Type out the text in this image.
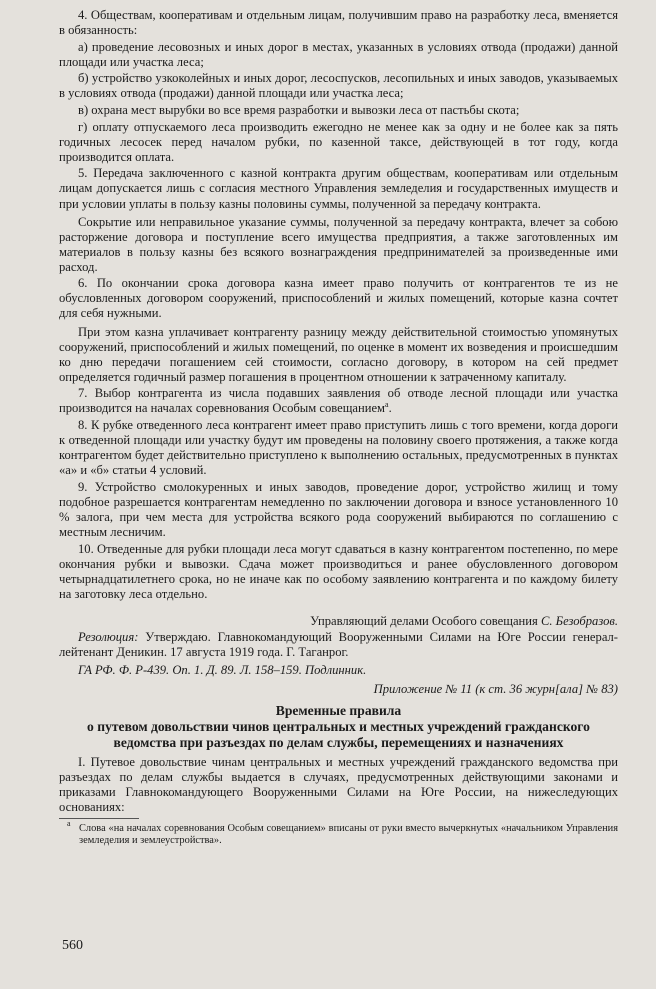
4. Обществам, кооперативам и отдельным лицам, получившим право на разработку леса, вменяется в обязанность:

а) проведение лесовозных и иных дорог в местах, указанных в условиях отвода (продажи) данной площади или участка леса;

б) устройство узкоколейных и иных дорог, лесоспусков, лесопильных и иных заводов, указываемых в условиях отвода (продажи) данной площади или участка леса;

в) охрана мест вырубки во все время разработки и вывозки леса от пастьбы скота;

г) оплату отпускаемого леса производить ежегодно не менее как за одну и не более как за пять годичных лесосек перед началом рубки, по казенной таксе, действующей в тот году, когда производится оплата.

5. Передача заключенного с казной контракта другим обществам, кооперативам или отдельным лицам допускается лишь с согласия местного Управления земледелия и государственных имуществ и при условии уплаты в пользу казны половины суммы, полученной за передачу контракта.

Сокрытие или неправильное указание суммы, полученной за передачу контракта, влечет за собою расторжение договора и поступление всего имущества предприятия, а также заготовленных им материалов в пользу казны без всякого вознаграждения предпринимателей за произведенные ими расход.

6. По окончании срока договора казна имеет право получить от контрагентов те из не обусловленных договором сооружений, приспособлений и жилых помещений, которые казна сочтет для себя нужными.

При этом казна уплачивает контрагенту разницу между действительной стоимостью упомянутых сооружений, приспособлений и жилых помещений, по оценке в момент их возведения и происшедшим ко дню передачи погашением сей стоимости, согласно договору, в котором на сей предмет определяется годичный размер погашения в процентном отношении к затраченному капиталу.

7. Выбор контрагента из числа подавших заявления об отводе лесной площади или участка производится на началах соревнования Особым совещанием$^а$.

8. К рубке отведенного леса контрагент имеет право приступить лишь с того времени, когда дороги к отведенной площади или участку будут им проведены на половину своего протяжения, а также когда контрагентом будет действительно приступлено к выполнению остальных, предусмотренных в пунктах «а» и «б» статьи 4 условий.

9. Устройство смолокуренных и иных заводов, проведение дорог, устройство жилищ и тому подобное разрешается контрагентам немедленно по заключении договора и взносе установленного 10 % залога, при чем места для устройства всякого рода сооружений выбираются по соглашению с местным лесничим.

10. Отведенные для рубки площади леса могут сдаваться в казну контрагентом постепенно, по мере окончания рубки и вывозки. Сдача может производиться и ранее обусловленного договором четырнадцатилетнего срока, но не иначе как по особому заявлению контрагента и по каждому билету на заготовку леса отдельно.

Управляющий делами Особого совещания С. Безобразов.

Резолюция: Утверждаю. Главнокомандующий Вооруженными Силами на Юге России генерал-лейтенант Деникин. 17 августа 1919 года. Г. Таганрог.

ГА РФ. Ф. Р-439. Оп. 1. Д. 89. Л. 158–159. Подлинник.

Приложение № 11 (к ст. 36 журн[ала] № 83)

Временные правила
о путевом довольствии чинов центральных и местных учреждений гражданского
ведомства при разъездах по делам службы, перемещениях и назначениях

I. Путевое довольствие чинам центральных и местных учреждений гражданского ведомства при разъездах по делам службы выдается в случаях, предусмотренных действующими законами и приказами Главнокомандующего Вооруженными Силами на Юге России, на нижеследующих основаниях:

$^а$ Слова «на началах соревнования Особым совещанием» вписаны от руки вместо вычеркнутых «начальником Управления земледелия и землеустройства».

560
